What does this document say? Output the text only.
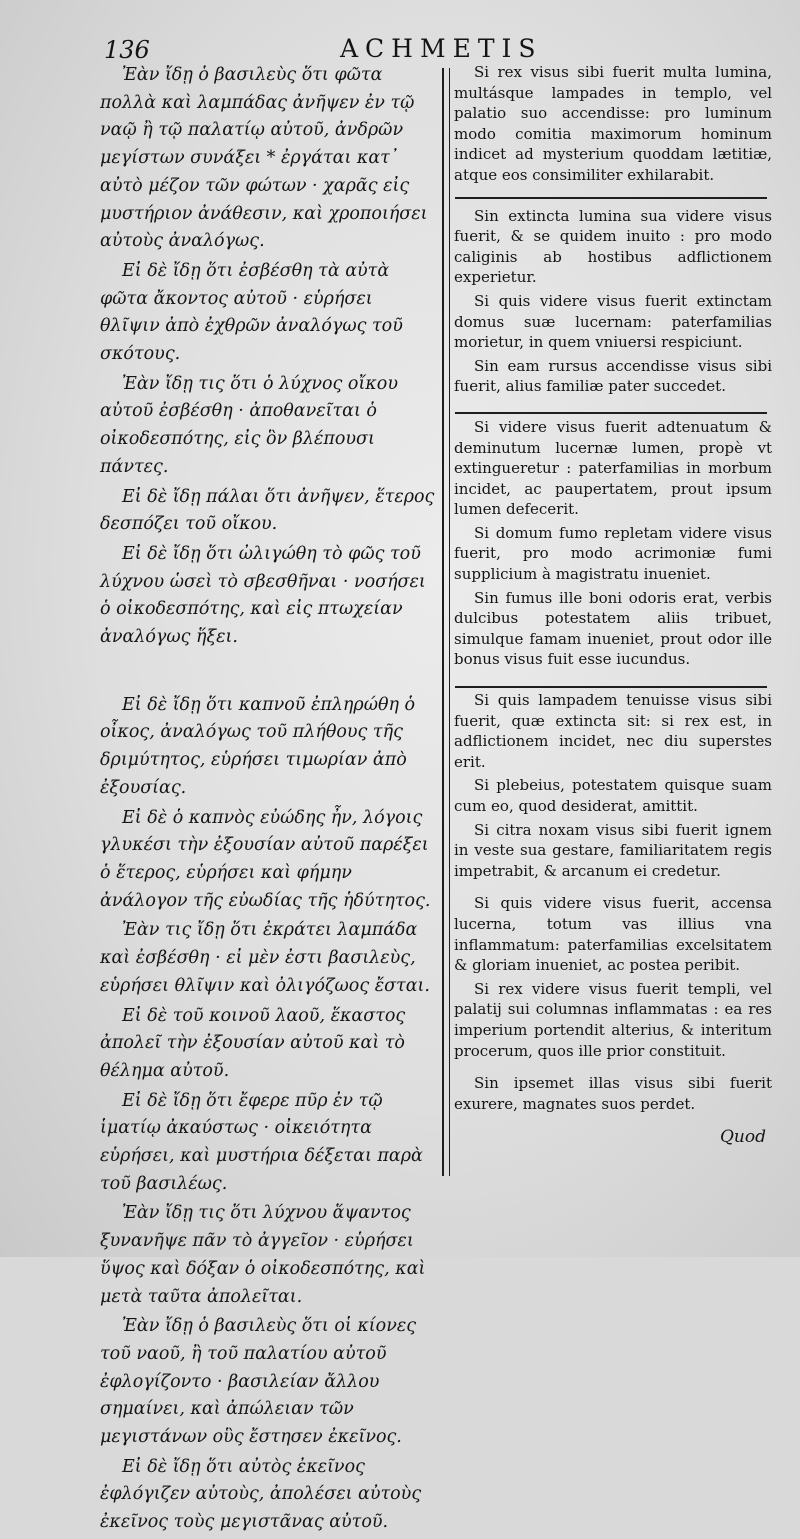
136	ACHMETIS

Ἐὰν ἴδῃ ὁ βασιλεὺς ὅτι φῶτα πολλὰ καὶ λαμπάδας ἀνῆψεν ἐν τῷ ναῷ ἢ τῷ παλατίῳ αὐτοῦ, ἀνδρῶν μεγίστων συνάξει * ἐργάται κατ᾽ αὐτὸ μέζον τῶν φώτων · χαρᾶς εἰς μυστήριον ἀνάθεσιν, καὶ χροποιήσει αὐτοὺς ἀναλόγως.

Εἰ δὲ ἴδῃ ὅτι ἐσβέσθη τὰ αὐτὰ φῶτα ἄκοντος αὐτοῦ · εὑρήσει θλῖψιν ἀπὸ ἐχθρῶν ἀναλόγως τοῦ σκότους.

Ἐὰν ἴδῃ τις ὅτι ὁ λύχνος οἴκου αὐτοῦ ἐσβέσθη · ἀποθανεῖται ὁ οἰκοδεσπότης, εἰς ὃν βλέπουσι πάντες.

Εἰ δὲ ἴδῃ πάλαι ὅτι ἀνῆψεν, ἕτερος δεσπόζει τοῦ οἴκου.

Εἰ δὲ ἴδῃ ὅτι ὠλιγώθη τὸ φῶς τοῦ λύχνου ὡσεὶ τὸ σβεσθῆναι · νοσήσει ὁ οἰκοδεσπότης, καὶ εἰς πτωχείαν ἀναλόγως ἥξει.

Εἰ δὲ ἴδῃ ὅτι καπνοῦ ἐπληρώθη ὁ οἶκος, ἀναλόγως τοῦ πλήθους τῆς δριμύτητος, εὑρήσει τιμωρίαν ἀπὸ ἐξουσίας.

Εἰ δὲ ὁ καπνὸς εὐώδης ἦν, λόγοις γλυκέσι τὴν ἐξουσίαν αὐτοῦ παρέξει ὁ ἕτερος, εὑρήσει καὶ φήμην ἀνάλογον τῆς εὐωδίας τῆς ἡδύτητος.

Ἐὰν τις ἴδῃ ὅτι ἐκράτει λαμπάδα καὶ ἐσβέσθη · εἰ μὲν ἐστι βασιλεὺς, εὑρήσει θλῖψιν καὶ ὀλιγόζωος ἔσται.

Εἰ δὲ τοῦ κοινοῦ λαοῦ, ἕκαστος ἀπολεῖ τὴν ἐξουσίαν αὐτοῦ καὶ τὸ θέλημα αὐτοῦ.

Εἰ δὲ ἴδῃ ὅτι ἔφερε πῦρ ἐν τῷ ἱματίῳ ἀκαύστως · οἰκειότητα εὑρήσει, καὶ μυστήρια δέξεται παρὰ τοῦ βασιλέως.

Ἐὰν ἴδῃ τις ὅτι λύχνου ἅψαντος ξυνανῆψε πᾶν τὸ ἀγγεῖον · εὑρήσει ὕψος καὶ δόξαν ὁ οἰκοδεσπότης, καὶ μετὰ ταῦτα ἀπολεῖται.

Ἐὰν ἴδῃ ὁ βασιλεὺς ὅτι οἱ κίονες τοῦ ναοῦ, ἢ τοῦ παλατίου αὐτοῦ ἐφλογίζοντο · βασιλείαν ἄλλου σημαίνει, καὶ ἀπώλειαν τῶν μεγιστάνων οὓς ἔστησεν ἐκεῖνος.

Εἰ δὲ ἴδῃ ὅτι αὐτὸς ἐκεῖνος ἐφλόγιζεν αὐτοὺς, ἀπολέσει αὐτοὺς ἐκεῖνος τοὺς μεγιστᾶνας αὐτοῦ.

Si rex visus sibi fuerit multa lumina, multásque lampades in templo, vel palatio suo accendisse: pro luminum modo comitia maximorum hominum indicet ad mysterium quoddam lætitiæ, atque eos consimiliter exhilarabit.

Sin extincta lumina sua videre visus fuerit, & se quidem inuito : pro modo caliginis ab hostibus adflictionem experietur.

Si quis videre visus fuerit extinctam domus suæ lucernam: paterfamilias morietur, in quem vniuersi respiciunt.

Sin eam rursus accendisse visus sibi fuerit, alius familiæ pater succedet.

Si videre visus fuerit adtenuatum & deminutum lucernæ lumen, propè vt extingueretur : paterfamilias in morbum incidet, ac paupertatem, prout ipsum lumen defecerit.

Si domum fumo repletam videre visus fuerit, pro modo acrimoniæ fumi supplicium à magistratu inueniet.

Sin fumus ille boni odoris erat, verbis dulcibus potestatem aliis tribuet, simulque famam inueniet, prout odor ille bonus visus fuit esse iucundus.

Si quis lampadem tenuisse visus sibi fuerit, quæ extincta sit: si rex est, in adflictionem incidet, nec diu superstes erit.

Si plebeius, potestatem quisque suam cum eo, quod desiderat, amittit.

Si citra noxam visus sibi fuerit ignem in veste sua gestare, familiaritatem regis impetrabit, & arcanum ei credetur.

Si quis videre visus fuerit, accensa lucerna, totum vas illius vna inflammatum: paterfamilias excelsitatem & gloriam inueniet, ac postea peribit.

Si rex videre visus fuerit templi, vel palatij sui columnas inflammatas : ea res imperium portendit alterius, & interitum procerum, quos ille prior constituit.

Sin ipsemet illas visus sibi fuerit exurere, magnates suos perdet.

Quod
